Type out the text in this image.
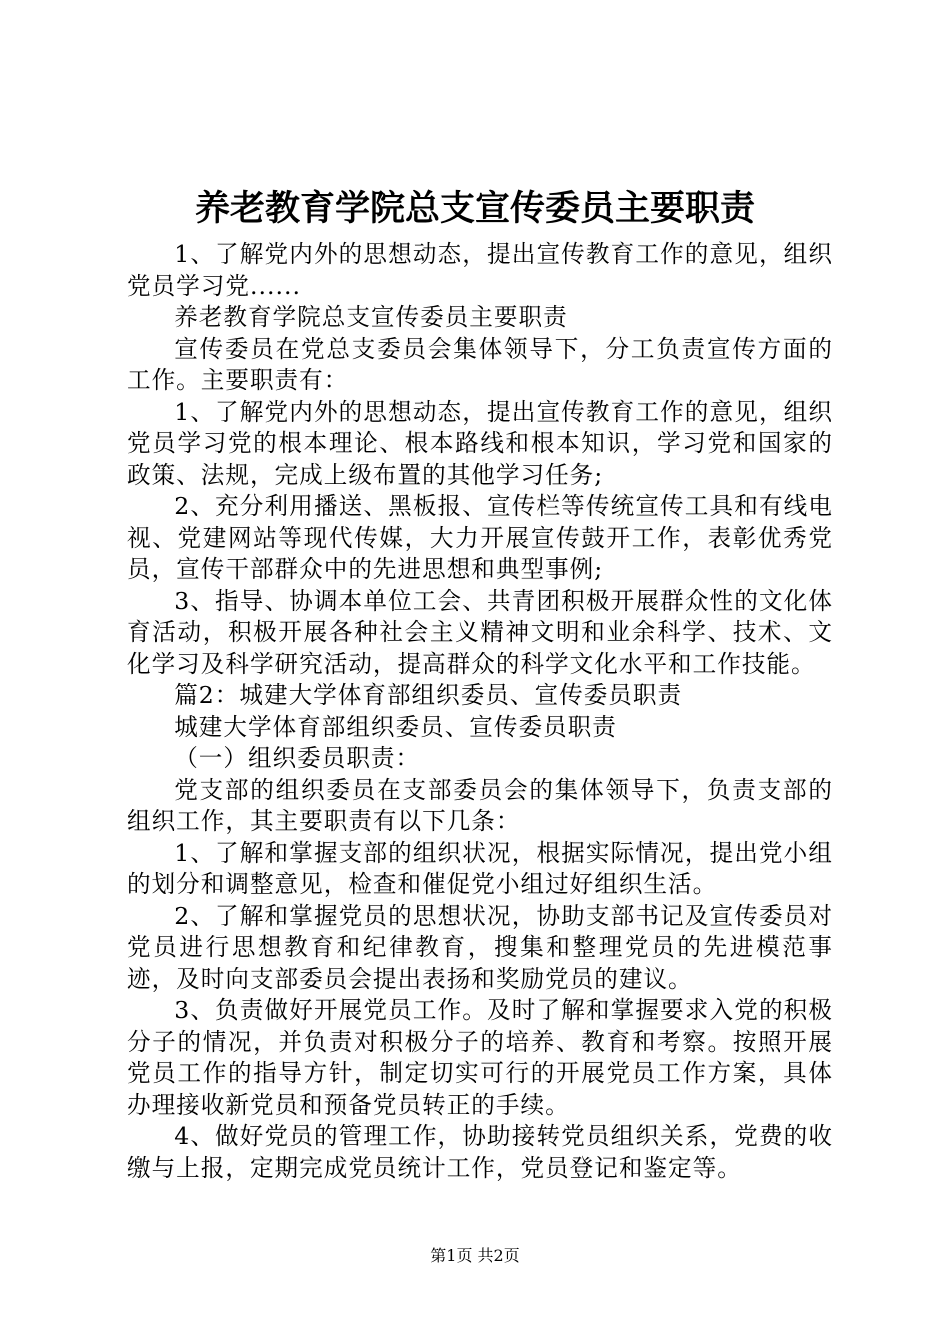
养老教育学院总支宣传委员主要职责

1、了解党内外的思想动态，提出宣传教育工作的意见，组织党员学习党......

养老教育学院总支宣传委员主要职责

宣传委员在党总支委员会集体领导下，分工负责宣传方面的工作。主要职责有：

1、了解党内外的思想动态，提出宣传教育工作的意见，组织党员学习党的根本理论、根本路线和根本知识，学习党和国家的政策、法规，完成上级布置的其他学习任务;

2、充分利用播送、黑板报、宣传栏等传统宣传工具和有线电视、党建网站等现代传媒，大力开展宣传鼓开工作，表彰优秀党员，宣传干部群众中的先进思想和典型事例;

3、指导、协调本单位工会、共青团积极开展群众性的文化体育活动，积极开展各种社会主义精神文明和业余科学、技术、文化学习及科学研究活动，提高群众的科学文化水平和工作技能。

篇2：城建大学体育部组织委员、宣传委员职责

城建大学体育部组织委员、宣传委员职责

（一）组织委员职责：

党支部的组织委员在支部委员会的集体领导下，负责支部的组织工作，其主要职责有以下几条：

1、了解和掌握支部的组织状况，根据实际情况，提出党小组的划分和调整意见，检查和催促党小组过好组织生活。

2、了解和掌握党员的思想状况，协助支部书记及宣传委员对党员进行思想教育和纪律教育，搜集和整理党员的先进模范事迹，及时向支部委员会提出表扬和奖励党员的建议。

3、负责做好开展党员工作。及时了解和掌握要求入党的积极分子的情况，并负责对积极分子的培养、教育和考察。按照开展党员工作的指导方针，制定切实可行的开展党员工作方案，具体办理接收新党员和预备党员转正的手续。

4、做好党员的管理工作，协助接转党员组织关系，党费的收缴与上报，定期完成党员统计工作，党员登记和鉴定等。

第1页 共2页
